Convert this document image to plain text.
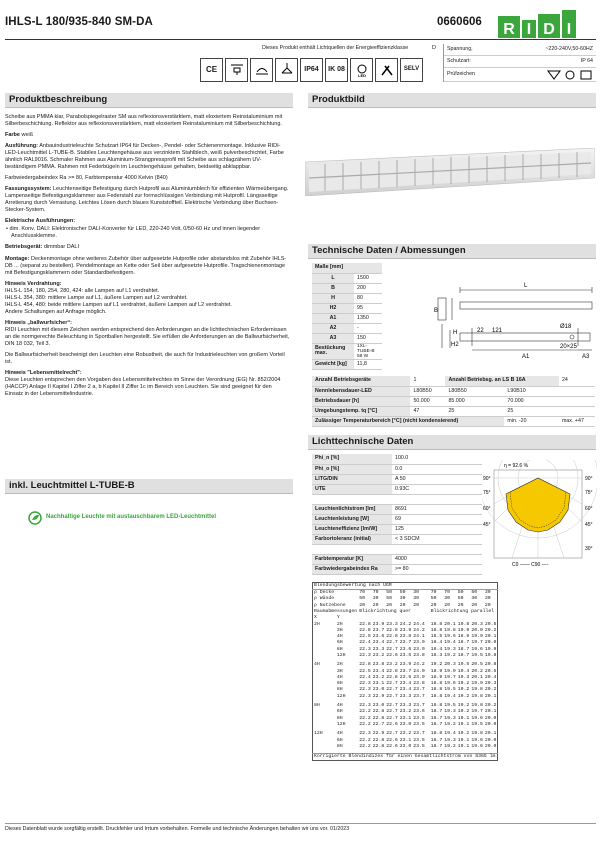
IHLS-L 180/935-840 SM-DA	0660606 R I D I
Dieses Produkt enthält Lichtquellen der Energieeffizienzklasse	D
CE	IP64	IK 08
LED
SELV
Spannung,	~220-240V,50-60HZ
Schutzart:	IP 64
Prüfzeichen
Produktbeschreibung	Produktbild

Scheibe aus PMMA klar, Parabolspiegelraster SM aus reflexionsverstärktem, matt eloxiertem Reinstaluminium mit Silberbeschichtung. Reflektor aus reflexionsverstärktem, matt eloxiertem Reinstaluminium mit Silberbeschichtung.

Farbe weiß

Ausführung: Anbauindustrieleuchte Schutzart IP64 für Decken-, Pendel- oder Schienenmontage. Inklusive RIDI-LED-Leuchtmittel L-TUBE-B. Stabiles Leuchtengehäuse aus verzinktem Stahlblech, weiß pulverbeschichtet, Farbe ähnlich RAL9016. Schmaler Rahmen aus Aluminium-Strangpressprofil mit Scheibe aus schlagzähem UV-beständigem PMMA. Rahmen mit Federbügeln im Leuchtengehäuse gehalten, beidseitig abklappbar.

Farbwiedergabeindex Ra >= 80, Farbtemperatur 4000 Kelvin (840)

Fassungssystem: Leuchtenseitige Befestigung durch Hutprofil aus Aluminiumblech für effizienten Wärmeübergang. Lampenseitige Befestigungsklammer aus Federstahl zur formschlüssigen Verbindung mit Hutprofil. Längsseitige Arretierung durch Verrastung. Leichtes Lösen durch blaues Kunststoffteil. Elektrische Verbindung über Buchsen-Stecker-System.

Elektrische Ausführungen:

• dim. Konv. DALI: Elektronischer DALI-Konverter für LED, 220-240 Volt, 0/50-60 Hz und innen liegender Anschlussklemme.

Betriebsgerät: dimmbar DALI

Montage: Deckenmontage ohne weiteres Zubehör über aufgesetzte Hutprofile oder abstandslos mit Zubehör IHLS-DB ... (separat zu bestellen). Pendelmontage an Kette oder Seil über aufgesetzte Hutprofile. Tragschienenmontage mit Befestigungsklammern oder Standardbefestigern.

Hinweis Verdrahtung:

IHLS-L 154, 180, 254, 280, 424: alle Lampen auf L1 verdrahtet.

IHLS-L 354, 380: mittlere Lampe auf L1, äußere Lampen auf L2 verdrahtet.

IHLS-L 454, 480: beide mittlere Lampen auf L1 verdrahtet, äußere Lampen auf L2 verdrahtet.

Andere Schaltungen auf Anfrage möglich.

Hinweis „ballwurfsicher“:

RIDI Leuchten mit diesem Zeichen werden entsprechend den Anforderungen an die lichttechnischen Erfordernissen an die normgerechte Beleuchtung in Sportballen hergestellt. Sie erfüllen die Anforderungen an die Ballwurfsicherheit, DIN 18 032, Teil 3.

Die Ballwurfsicherheit bescheinigt den Leuchten eine Robustheit, die auch für Industrieleuchten von großem Vorteil ist.

Hinweis "Lebensmittelrecht":

Diese Leuchten entsprechen den Vorgaben des Lebensmittelrechtes im Sinne der Verordnung (EG) Nr. 852/2004 (HACCP) Anlage II Kapitel I Ziffer 2 a, b Kapitel II Ziffer 1c im Bereich von Leuchten. Sie sind geeignet für den Einsatz in der Lebensmittelindustrie.

inkl. Leuchtmittel L-TUBE-B
Nachhaltige Leuchte mit austauschbarem LED-Leuchtmittel
Technische Daten / Abmessungen
Maße [mm]	
L	1500
B	200
H	80
H2	95
A1	1350
A2	-
A3	150
Bestückung max.	1XL-TUBE-B 58 W
Gewicht [kg]	11,8
L
B
H
H2
A1	A3
121
22
Ø18
20×25
Anzahl Betriebsgeräte	1	Anzahl Betriebsg. an LS B 16A		24
Nennlebensdauer-LED	L80B50	L80B50	L90B10	
Betriebsdauer [h]	50.000	85.000	70.000	
Umgebungstemp. tq [°C]	47	25	25	
Zulässiger Temperaturbereich [°C] (nicht kondensierend)			min. -20	max. +47
Lichttechnische Daten
Phi_n [%]	100.0
Phi_o [%]	0.0
LITG/DIN	A 50
UTE	0.93C

Leuchtenlichtstrom [lm]	8691
Leuchtenleistung [W]	69
Leuchteneffizienz [lm/W]	125
Farbortoleranz (initial)	< 3 SDCM

Farbtemperatur [K]	4000
Farbwiedergabeindex Ra	>= 80
η = 92.6 %
90°
75°
60°
45°
30°
90°
75°
60°
45°
C0 —— C90 ----
Blendungsbewertung nach UGR											
ρ Decke		70	70	50	50	30	70	70	50	50	30
ρ Wände		50	30	50	30	30	50	30	50	30	30
ρ Nutzebene		20	20	20	20	20	20	20	20	20	20
Raumabmessungen		Blickrichtung quer					Blickrichtung parallel				
X	Y										
2H	2H	22.8	23.9	23.3	24.2	24.4	18.8	20.1	19.8	20.3	20.5
	3H	22.8	23.7	22.8	23.9	24.2	18.8	19.8	19.9	20.0	20.2
	4H	22.5	23.6	22.8	23.8	24.1	18.5	19.6	18.9	19.9	20.1
	6H	22.4	23.4	22.7	23.7	23.9	18.4	19.4	18.7	19.7	20.0
	8H	22.3	23.3	22.7	23.6	23.9	18.4	19.3	18.7	19.6	19.9
	12H	22.3	23.2	22.6	23.5	23.8	18.3	19.2	18.7	19.5	19.8

4H	2H	22.8	23.8	23.2	23.9	24.2	19.2	20.3	19.5	20.5	20.8
	3H	22.5	23.4	22.8	23.7	24.0	18.9	19.9	19.4	20.2	20.5
	4H	22.4	23.2	22.8	23.6	23.9	18.9	19.7	19.3	20.1	20.4
	6H	22.3	23.1	22.7	23.4	23.8	18.8	19.6	19.2	19.9	20.3
	8H	22.3	23.0	22.7	23.4	23.7	18.8	19.5	19.2	19.8	20.2
	12H	22.3	22.9	22.7	23.3	23.7	18.8	19.4	19.2	19.8	20.1

8H	4H	22.3	23.0	22.7	23.3	23.7	18.8	19.5	19.2	19.8	20.2
	6H	22.2	22.8	22.7	23.2	23.6	18.7	19.3	19.2	19.7	20.1
	8H	22.2	22.8	22.7	23.1	23.5	18.7	19.3	19.1	19.6	20.0
	12H	22.2	22.7	22.6	23.0	23.5	18.7	19.2	19.1	19.5	20.0

12H	4H	22.3	22.9	22.7	23.2	23.7	18.8	19.4	19.2	19.8	20.1
	6H	22.2	22.8	22.6	23.1	23.5	18.7	19.3	19.1	19.6	20.0
	8H	22.2	22.8	22.6	23.0	23.5	18.7	19.2	19.1	19.6	20.0

Korrigierte Blendindizes für einen Gesamtlichtstrom von 8365 lm											
Dieses Datenblatt wurde sorgfältig erstellt. Druckfehler und Irrtum vorbehalten. Formelle und technische Änderungen behalten wir uns vor. 01/2023
